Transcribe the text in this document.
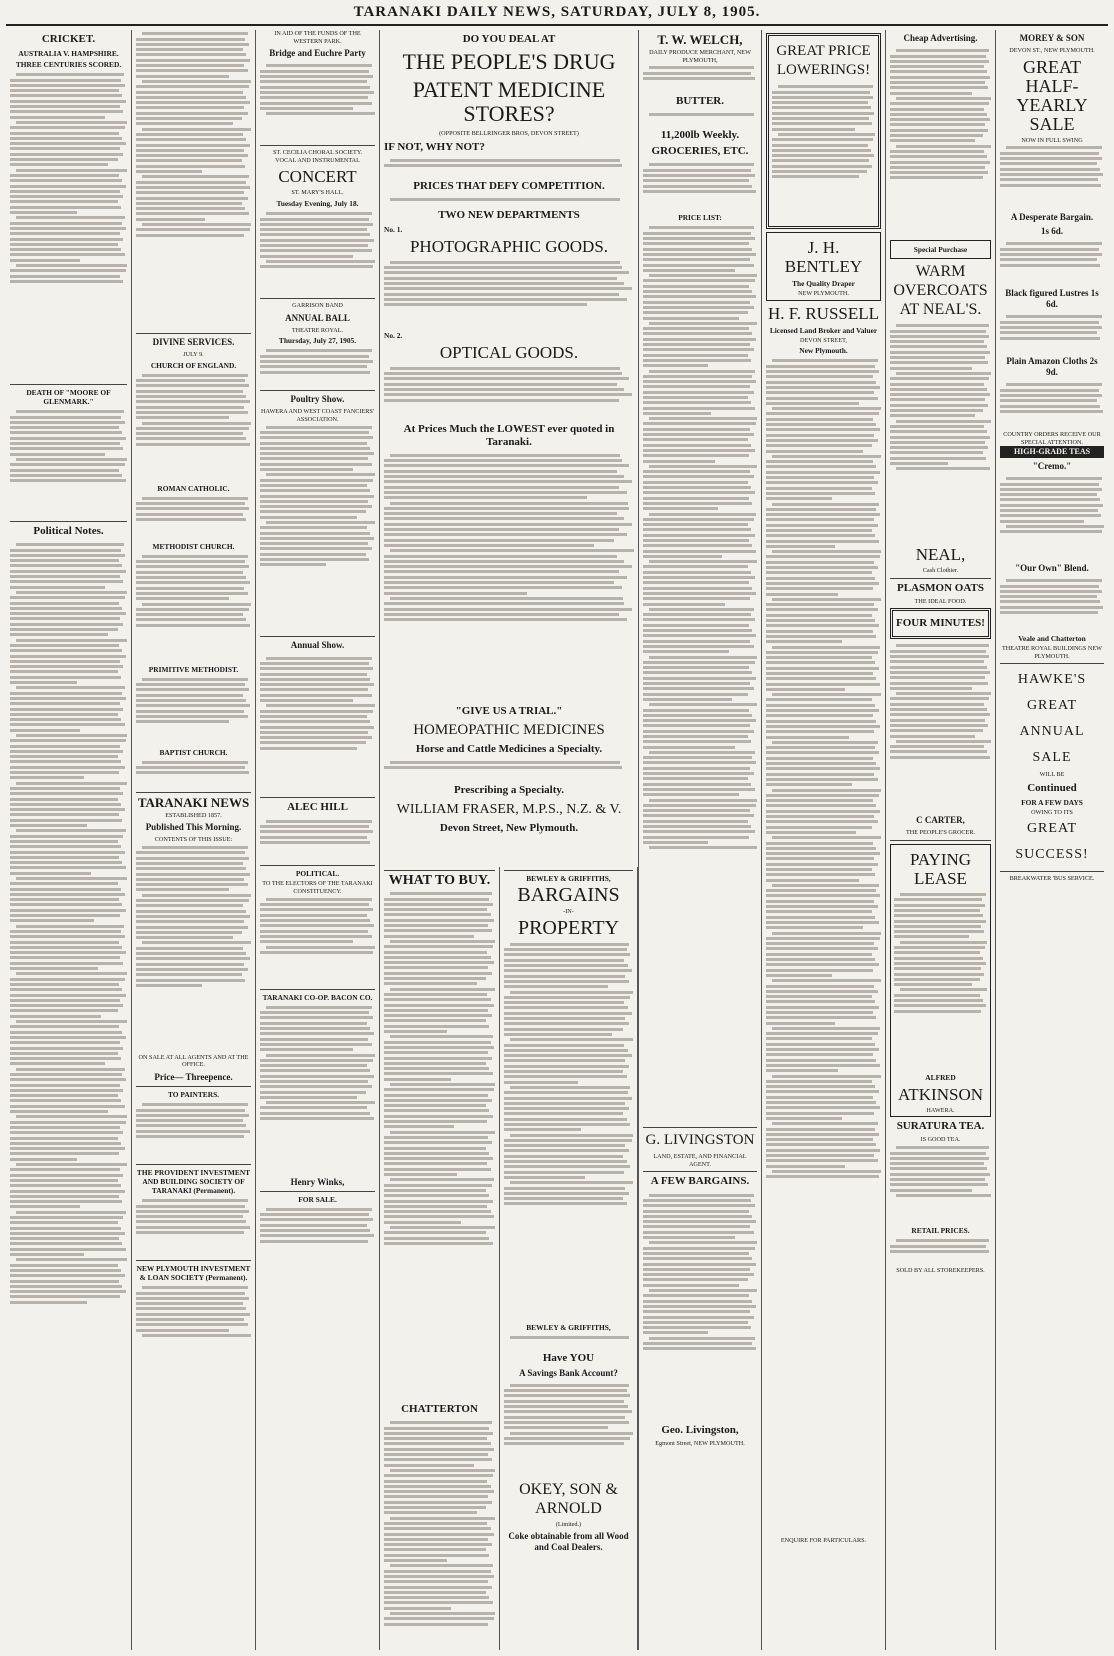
TARANAKI DAILY NEWS, SATURDAY, JULY 8, 1905.
CRICKET.
AUSTRALIA V. HAMPSHIRE.
THREE CENTURIES SCORED.
DEATH OF "MOORE OF GLENMARK."
Political Notes.
DIVINE SERVICES.
JULY 9.
CHURCH OF ENGLAND.
ROMAN CATHOLIC.
METHODIST CHURCH.
PRIMITIVE METHODIST.
BAPTIST CHURCH.
TARANAKI NEWS
ESTABLISHED 1857.
Published This Morning.
CONTENTS OF THIS ISSUE:
ON SALE AT ALL AGENTS AND AT THE OFFICE.
Price— Threepence.
TO PAINTERS.
THE PROVIDENT INVESTMENT AND BUILDING SOCIETY OF TARANAKI (Permanent).
NEW PLYMOUTH INVESTMENT & LOAN SOCIETY (Permanent).
IN AID OF THE FUNDS OF THE WESTERN PARK.
Bridge and Euchre Party
ST. CECILIA CHORAL SOCIETY.
VOCAL AND INSTRUMENTAL
CONCERT
ST. MARY'S HALL.
Tuesday Evening, July 18.
GARRISON BAND
ANNUAL BALL
THEATRE ROYAL.
Thursday, July 27, 1905.
Poultry Show.
HAWERA AND WEST COAST FANCIERS' ASSOCIATION.
Annual Show.
ALEC HILL
POLITICAL.
TO THE ELECTORS OF THE TARANAKI CONSTITUENCY.
TARANAKI CO-OP. BACON CO.
Henry Winks,
FOR SALE.
DO YOU DEAL AT
THE PEOPLE'S DRUG
PATENT MEDICINE STORES?
(OPPOSITE BELLRINGER BROS, DEVON STREET)
IF NOT, WHY NOT?
PRICES THAT DEFY COMPETITION.
TWO NEW DEPARTMENTS
No. 1.
PHOTOGRAPHIC GOODS.
No. 2.
OPTICAL GOODS.
At Prices Much the LOWEST ever quoted in Taranaki.
"GIVE US A TRIAL."
HOMEOPATHIC MEDICINES
Horse and Cattle Medicines a Specialty.
Prescribing a Specialty.
WILLIAM FRASER, M.P.S., N.Z. & V.
Devon Street, New Plymouth.
WHAT TO BUY.
CHATTERTON
BEWLEY & GRIFFITHS,
BARGAINS
-IN-
PROPERTY
BEWLEY & GRIFFITHS,
Have YOU
A Savings Bank Account?
OKEY, SON & ARNOLD
(Limited.)
Coke obtainable from all Wood and Coal Dealers.
T. W. WELCH,
DAILY PRODUCE MERCHANT, NEW PLYMOUTH,
BUTTER.
11,200lb Weekly.
GROCERIES, ETC.
PRICE LIST:
G. LIVINGSTON
LAND, ESTATE, AND FINANCIAL AGENT.
A FEW BARGAINS.
Geo. Livingston,
Egmont Street, NEW PLYMOUTH.
GREAT PRICE LOWERINGS!
J. H. BENTLEY
The Quality Draper
NEW PLYMOUTH.
H. F. RUSSELL
Licensed Land Broker and Valuer
DEVON STREET,
New Plymouth.
ENQUIRE FOR PARTICULARS.
Cheap Advertising.
Special Purchase
WARM OVERCOATS AT NEAL'S.
NEAL,
Cash Clothier.
PLASMON OATS
THE IDEAL FOOD.
FOUR MINUTES!
C CARTER,
THE PEOPLE'S GROCER.
PAYING LEASE
ALFRED
ATKINSON
HAWERA.
SURATURA TEA.
IS GOOD TEA.
RETAIL PRICES.
SOLD BY ALL STOREKEEPERS.
MOREY & SON
DEVON ST., NEW PLYMOUTH.
GREAT HALF-YEARLY SALE
NOW IN FULL SWING
A Desperate Bargain.
1s 6d.
Black figured Lustres 1s 6d.
Plain Amazon Cloths 2s 9d.
COUNTRY ORDERS RECEIVE OUR SPECIAL ATTENTION.
HIGH-GRADE TEAS
"Cremo."
"Our Own" Blend.
Veale and Chatterton
THEATRE ROYAL BUILDINGS NEW PLYMOUTH.
HAWKE'S
GREAT
ANNUAL
SALE
WILL BE
Continued
FOR A FEW DAYS
OWING TO ITS
GREAT
SUCCESS!
BREAKWATER 'BUS SERVICE.
